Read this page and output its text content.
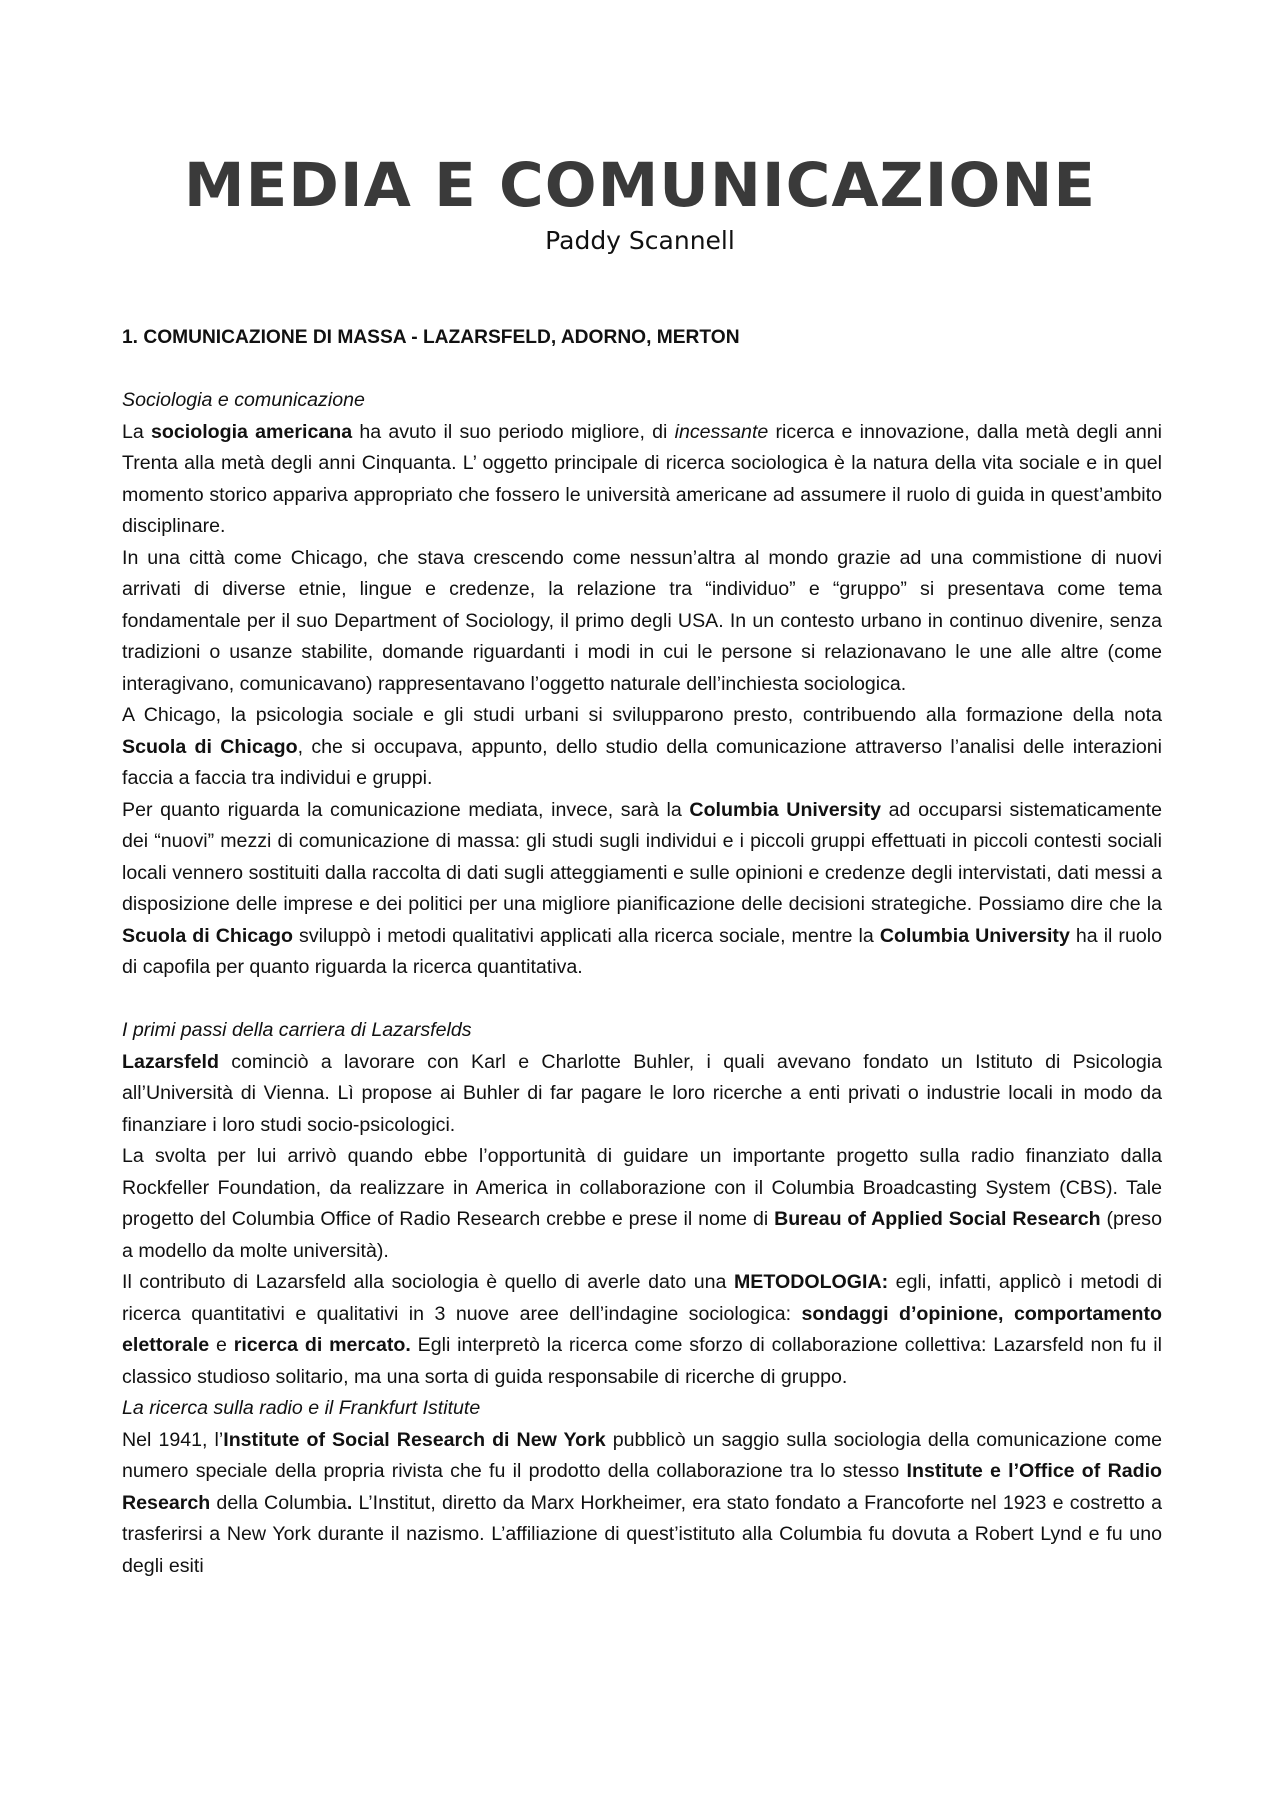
MEDIA E COMUNICAZIONE
Paddy Scannell
1. COMUNICAZIONE DI MASSA - LAZARSFELD, ADORNO, MERTON
Sociologia e comunicazione

La sociologia americana ha avuto il suo periodo migliore, di incessante ricerca e innovazione, dalla metà degli anni Trenta alla metà degli anni Cinquanta. L’ oggetto principale di ricerca sociologica è la natura della vita sociale e in quel momento storico appariva appropriato che fossero le università americane ad assumere il ruolo di guida in quest’ambito disciplinare.

In una città come Chicago, che stava crescendo come nessun’altra al mondo grazie ad una commistione di nuovi arrivati di diverse etnie, lingue e credenze, la relazione tra “individuo” e “gruppo” si presentava come tema fondamentale per il suo Department of Sociology, il primo degli USA. In un contesto urbano in continuo divenire, senza tradizioni o usanze stabilite, domande riguardanti i modi in cui le persone si relazionavano le une alle altre (come interagivano, comunicavano) rappresentavano l’oggetto naturale dell’inchiesta sociologica.

A Chicago, la psicologia sociale e gli studi urbani si svilupparono presto, contribuendo alla formazione della nota Scuola di Chicago, che si occupava, appunto, dello studio della comunicazione attraverso l’analisi delle interazioni faccia a faccia tra individui e gruppi.

Per quanto riguarda la comunicazione mediata, invece, sarà la Columbia University ad occuparsi sistematicamente dei “nuovi” mezzi di comunicazione di massa: gli studi sugli individui e i piccoli gruppi effettuati in piccoli contesti sociali locali vennero sostituiti dalla raccolta di dati sugli atteggiamenti e sulle opinioni e credenze degli intervistati, dati messi a disposizione delle imprese e dei politici per una migliore pianificazione delle decisioni strategiche. Possiamo dire che la Scuola di Chicago sviluppò i metodi qualitativi applicati alla ricerca sociale, mentre la Columbia University ha il ruolo di capofila per quanto riguarda la ricerca quantitativa.

I primi passi della carriera di Lazarsfelds

Lazarsfeld cominciò a lavorare con Karl e Charlotte Buhler, i quali avevano fondato un Istituto di Psicologia all’Università di Vienna. Lì propose ai Buhler di far pagare le loro ricerche a enti privati o industrie locali in modo da finanziare i loro studi socio-psicologici.

La svolta per lui arrivò quando ebbe l’opportunità di guidare un importante progetto sulla radio finanziato dalla Rockfeller Foundation, da realizzare in America in collaborazione con il Columbia Broadcasting System (CBS). Tale progetto del Columbia Office of Radio Research crebbe e prese il nome di Bureau of Applied Social Research (preso a modello da molte università).

Il contributo di Lazarsfeld alla sociologia è quello di averle dato una METODOLOGIA: egli, infatti, applicò i metodi di ricerca quantitativi e qualitativi in 3 nuove aree dell’indagine sociologica: sondaggi d’opinione, comportamento elettorale e ricerca di mercato. Egli interpretò la ricerca come sforzo di collaborazione collettiva: Lazarsfeld non fu il classico studioso solitario, ma una sorta di guida responsabile di ricerche di gruppo.

La ricerca sulla radio e il Frankfurt Istitute

Nel 1941, l’Institute of Social Research di New York pubblicò un saggio sulla sociologia della comunicazione come numero speciale della propria rivista che fu il prodotto della collaborazione tra lo stesso Institute e l’Office of Radio Research della Columbia. L’Institut, diretto da Marx Horkheimer, era stato fondato a Francoforte nel 1923 e costretto a trasferirsi a New York durante il nazismo. L’affiliazione di quest’istituto alla Columbia fu dovuta a Robert Lynd e fu uno degli esiti
